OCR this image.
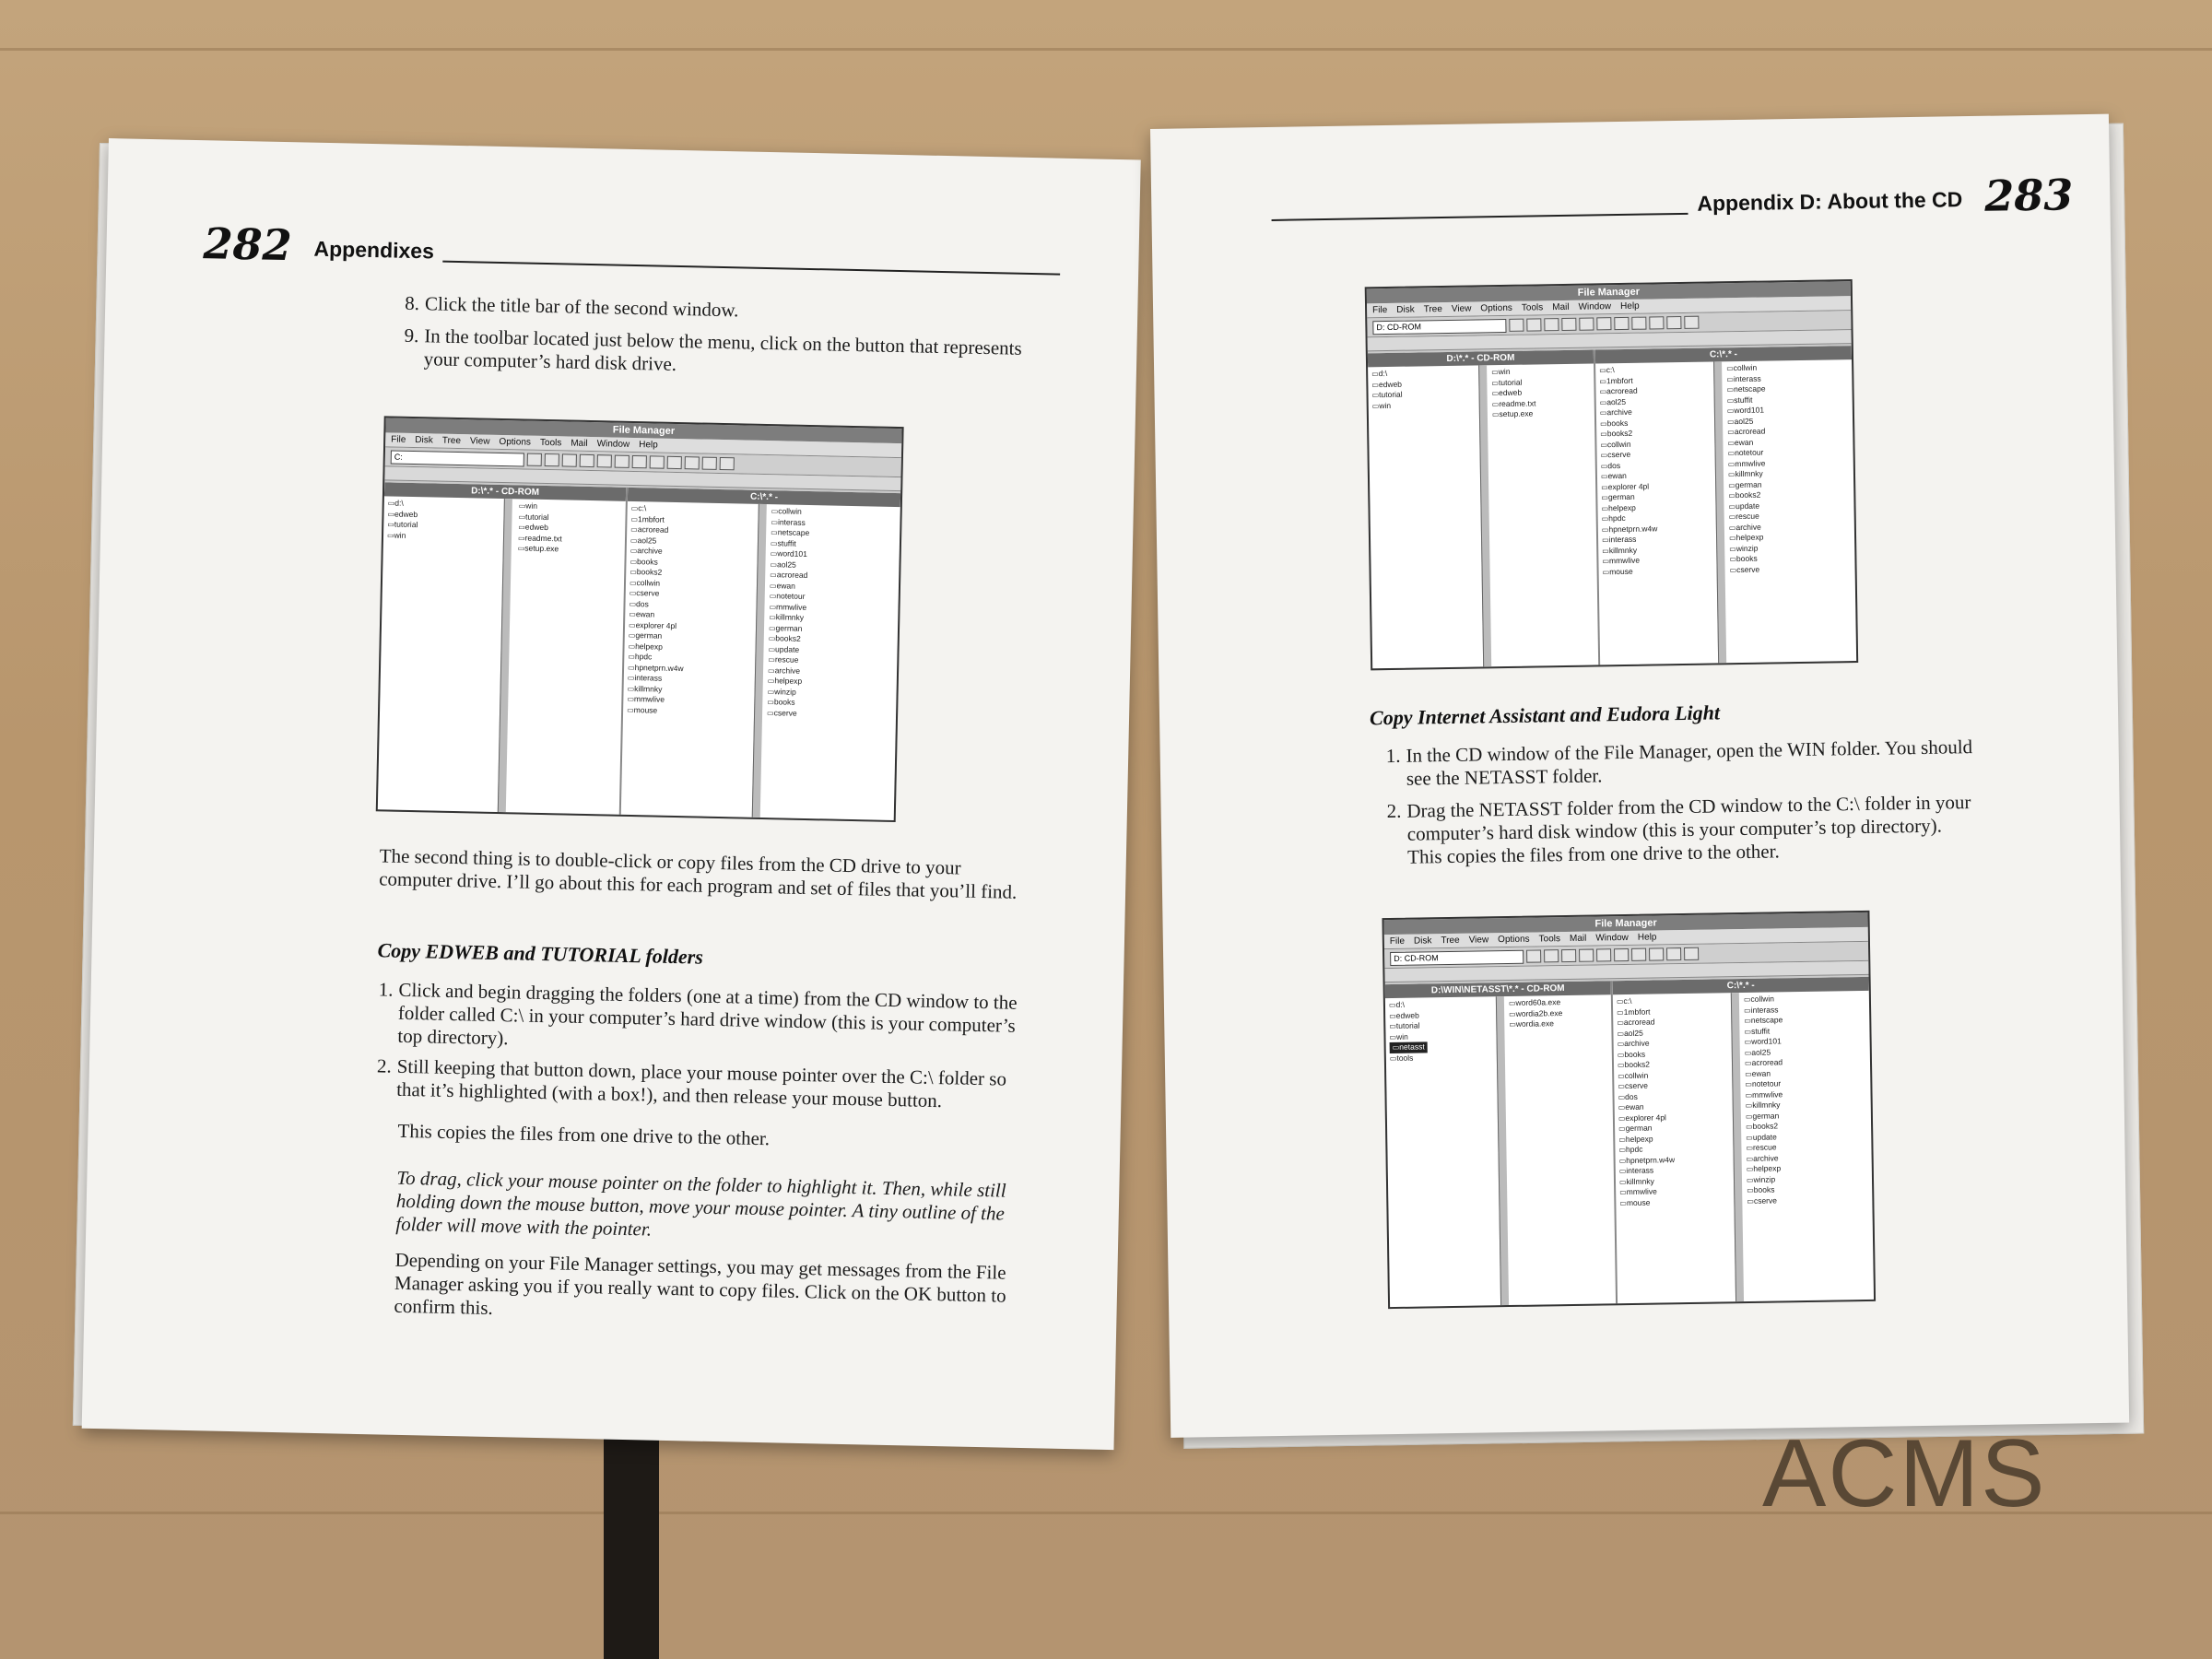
282 Appendixes
8. Click the title bar of the second window.
9. In the toolbar located just below the menu, click on the button that represents your computer’s hard disk drive.
File Manager
File Disk Tree View Options Tools Mail Window Help
C:
D:\*.* - CD-ROM
▭ d:\
▭ edweb
▭ tutorial
▭ win
▭ win
▭ tutorial
▭ edweb
▭ readme.txt
▭ setup.exe
C:\*.* -
▭ c:\
▭ 1mbfort
▭ acroread
▭ aol25
▭ archive
▭ books
▭ books2
▭ collwin
▭ cserve
▭ dos
▭ ewan
▭ explorer 4pl
▭ german
▭ helpexp
▭ hpdc
▭ hpnetprn.w4w
▭ interass
▭ killmnky
▭ mmwlive
▭ mouse
▭ collwin
▭ interass
▭ netscape
▭ stuffit
▭ word101
▭ aol25
▭ acroread
▭ ewan
▭ notetour
▭ mmwlive
▭ killmnky
▭ german
▭ books2
▭ update
▭ rescue
▭ archive
▭ helpexp
▭ winzip
▭ books
▭ cserve
The second thing is to double-click or copy files from the CD drive to your computer drive. I’ll go about this for each program and set of files that you’ll find.
Copy EDWEB and TUTORIAL folders
1. Click and begin dragging the folders (one at a time) from the CD window to the folder called C:\ in your computer’s hard drive window (this is your computer’s top directory).
2. Still keeping that button down, place your mouse pointer over the C:\ folder so that it’s highlighted (with a box!), and then release your mouse button.
This copies the files from one drive to the other.
To drag, click your mouse pointer on the folder to highlight it. Then, while still holding down the mouse button, move your mouse pointer. A tiny outline of the folder will move with the pointer.
Depending on your File Manager settings, you may get messages from the File Manager asking you if you really want to copy files. Click on the OK button to confirm this.
Appendix D: About the CD 283
File Manager
File Disk Tree View Options Tools Mail Window Help
D: CD-ROM
D:\*.* - CD-ROM
▭ d:\
▭ edweb
▭ tutorial
▭ win
▭ win
▭ tutorial
▭ edweb
▭ readme.txt
▭ setup.exe
C:\*.* -
▭ c:\
▭ 1mbfort
▭ acroread
▭ aol25
▭ archive
▭ books
▭ books2
▭ collwin
▭ cserve
▭ dos
▭ ewan
▭ explorer 4pl
▭ german
▭ helpexp
▭ hpdc
▭ hpnetprn.w4w
▭ interass
▭ killmnky
▭ mmwlive
▭ mouse
▭ collwin
▭ interass
▭ netscape
▭ stuffit
▭ word101
▭ aol25
▭ acroread
▭ ewan
▭ notetour
▭ mmwlive
▭ killmnky
▭ german
▭ books2
▭ update
▭ rescue
▭ archive
▭ helpexp
▭ winzip
▭ books
▭ cserve
Copy Internet Assistant and Eudora Light
1. In the CD window of the File Manager, open the WIN folder. You should see the NETASST folder.
2. Drag the NETASST folder from the CD window to the C:\ folder in your computer’s hard disk window (this is your computer’s top directory). This copies the files from one drive to the other.
File Manager
File Disk Tree View Options Tools Mail Window Help
D: CD-ROM
D:\WIN\NETASST\*.* - CD-ROM
▭ d:\
▭ edweb
▭ tutorial
▭ win
▭ netasst
▭ tools
▭ word60a.exe
▭ wordia2b.exe
▭ wordia.exe
C:\*.* -
▭ c:\
▭ 1mbfort
▭ acroread
▭ aol25
▭ archive
▭ books
▭ books2
▭ collwin
▭ cserve
▭ dos
▭ ewan
▭ explorer 4pl
▭ german
▭ helpexp
▭ hpdc
▭ hpnetprn.w4w
▭ interass
▭ killmnky
▭ mmwlive
▭ mouse
▭ collwin
▭ interass
▭ netscape
▭ stuffit
▭ word101
▭ aol25
▭ acroread
▭ ewan
▭ notetour
▭ mmwlive
▭ killmnky
▭ german
▭ books2
▭ update
▭ rescue
▭ archive
▭ helpexp
▭ winzip
▭ books
▭ cserve
ACMS
